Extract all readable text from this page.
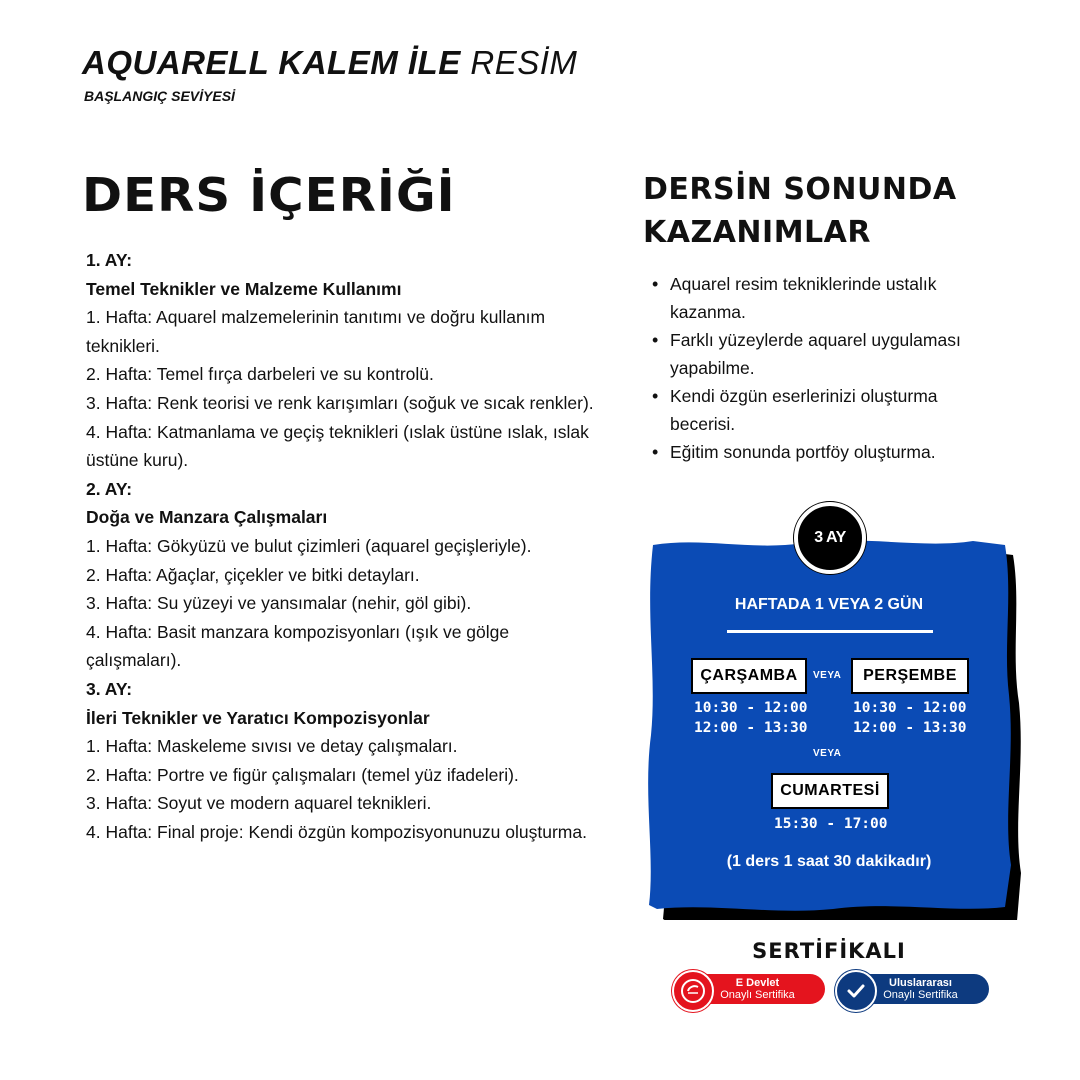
AQUARELL KALEM İLE RESİM
BAŞLANGIÇ SEVİYESİ
DERS İÇERİĞİ
1. AY:
Temel Teknikler ve Malzeme Kullanımı
1. Hafta: Aquarel malzemelerinin tanıtımı ve doğru kullanım teknikleri.
2. Hafta: Temel fırça darbeleri ve su kontrolü.
3. Hafta: Renk teorisi ve renk karışımları (soğuk ve sıcak renkler).
4. Hafta: Katmanlama ve geçiş teknikleri (ıslak üstüne ıslak, ıslak üstüne kuru).
2. AY:
Doğa ve Manzara Çalışmaları
1. Hafta: Gökyüzü ve bulut çizimleri (aquarel geçişleriyle).
2. Hafta: Ağaçlar, çiçekler ve bitki detayları.
3. Hafta: Su yüzeyi ve yansımalar (nehir, göl gibi).
4. Hafta: Basit manzara kompozisyonları (ışık ve gölge çalışmaları).
3. AY:
İleri Teknikler ve Yaratıcı Kompozisyonlar
1. Hafta: Maskeleme sıvısı ve detay çalışmaları.
2. Hafta: Portre ve figür çalışmaları (temel yüz ifadeleri).
3. Hafta: Soyut ve modern aquarel teknikleri.
4. Hafta: Final proje: Kendi özgün kompozisyonunuzu oluşturma.
DERSİN SONUNDA
KAZANIMLAR
• Aquarel resim tekniklerinde ustalık kazanma.
• Farklı yüzeylerde aquarel uygulaması yapabilme.
• Kendi özgün eserlerinizi oluşturma becerisi.
• Eğitim sonunda portföy oluşturma.
3 AY
HAFTADA 1 VEYA 2 GÜN
ÇARŞAMBA	VEYA	PERŞEMBE
10:30 - 12:00
12:00 - 13:30
10:30 - 12:00
12:00 - 13:30
VEYA
CUMARTESİ
15:30 - 17:00
(1 ders 1 saat 30 dakikadır)
SERTİFİKALI
E Devlet
Onaylı Sertifika
Uluslararası
Onaylı Sertifika
